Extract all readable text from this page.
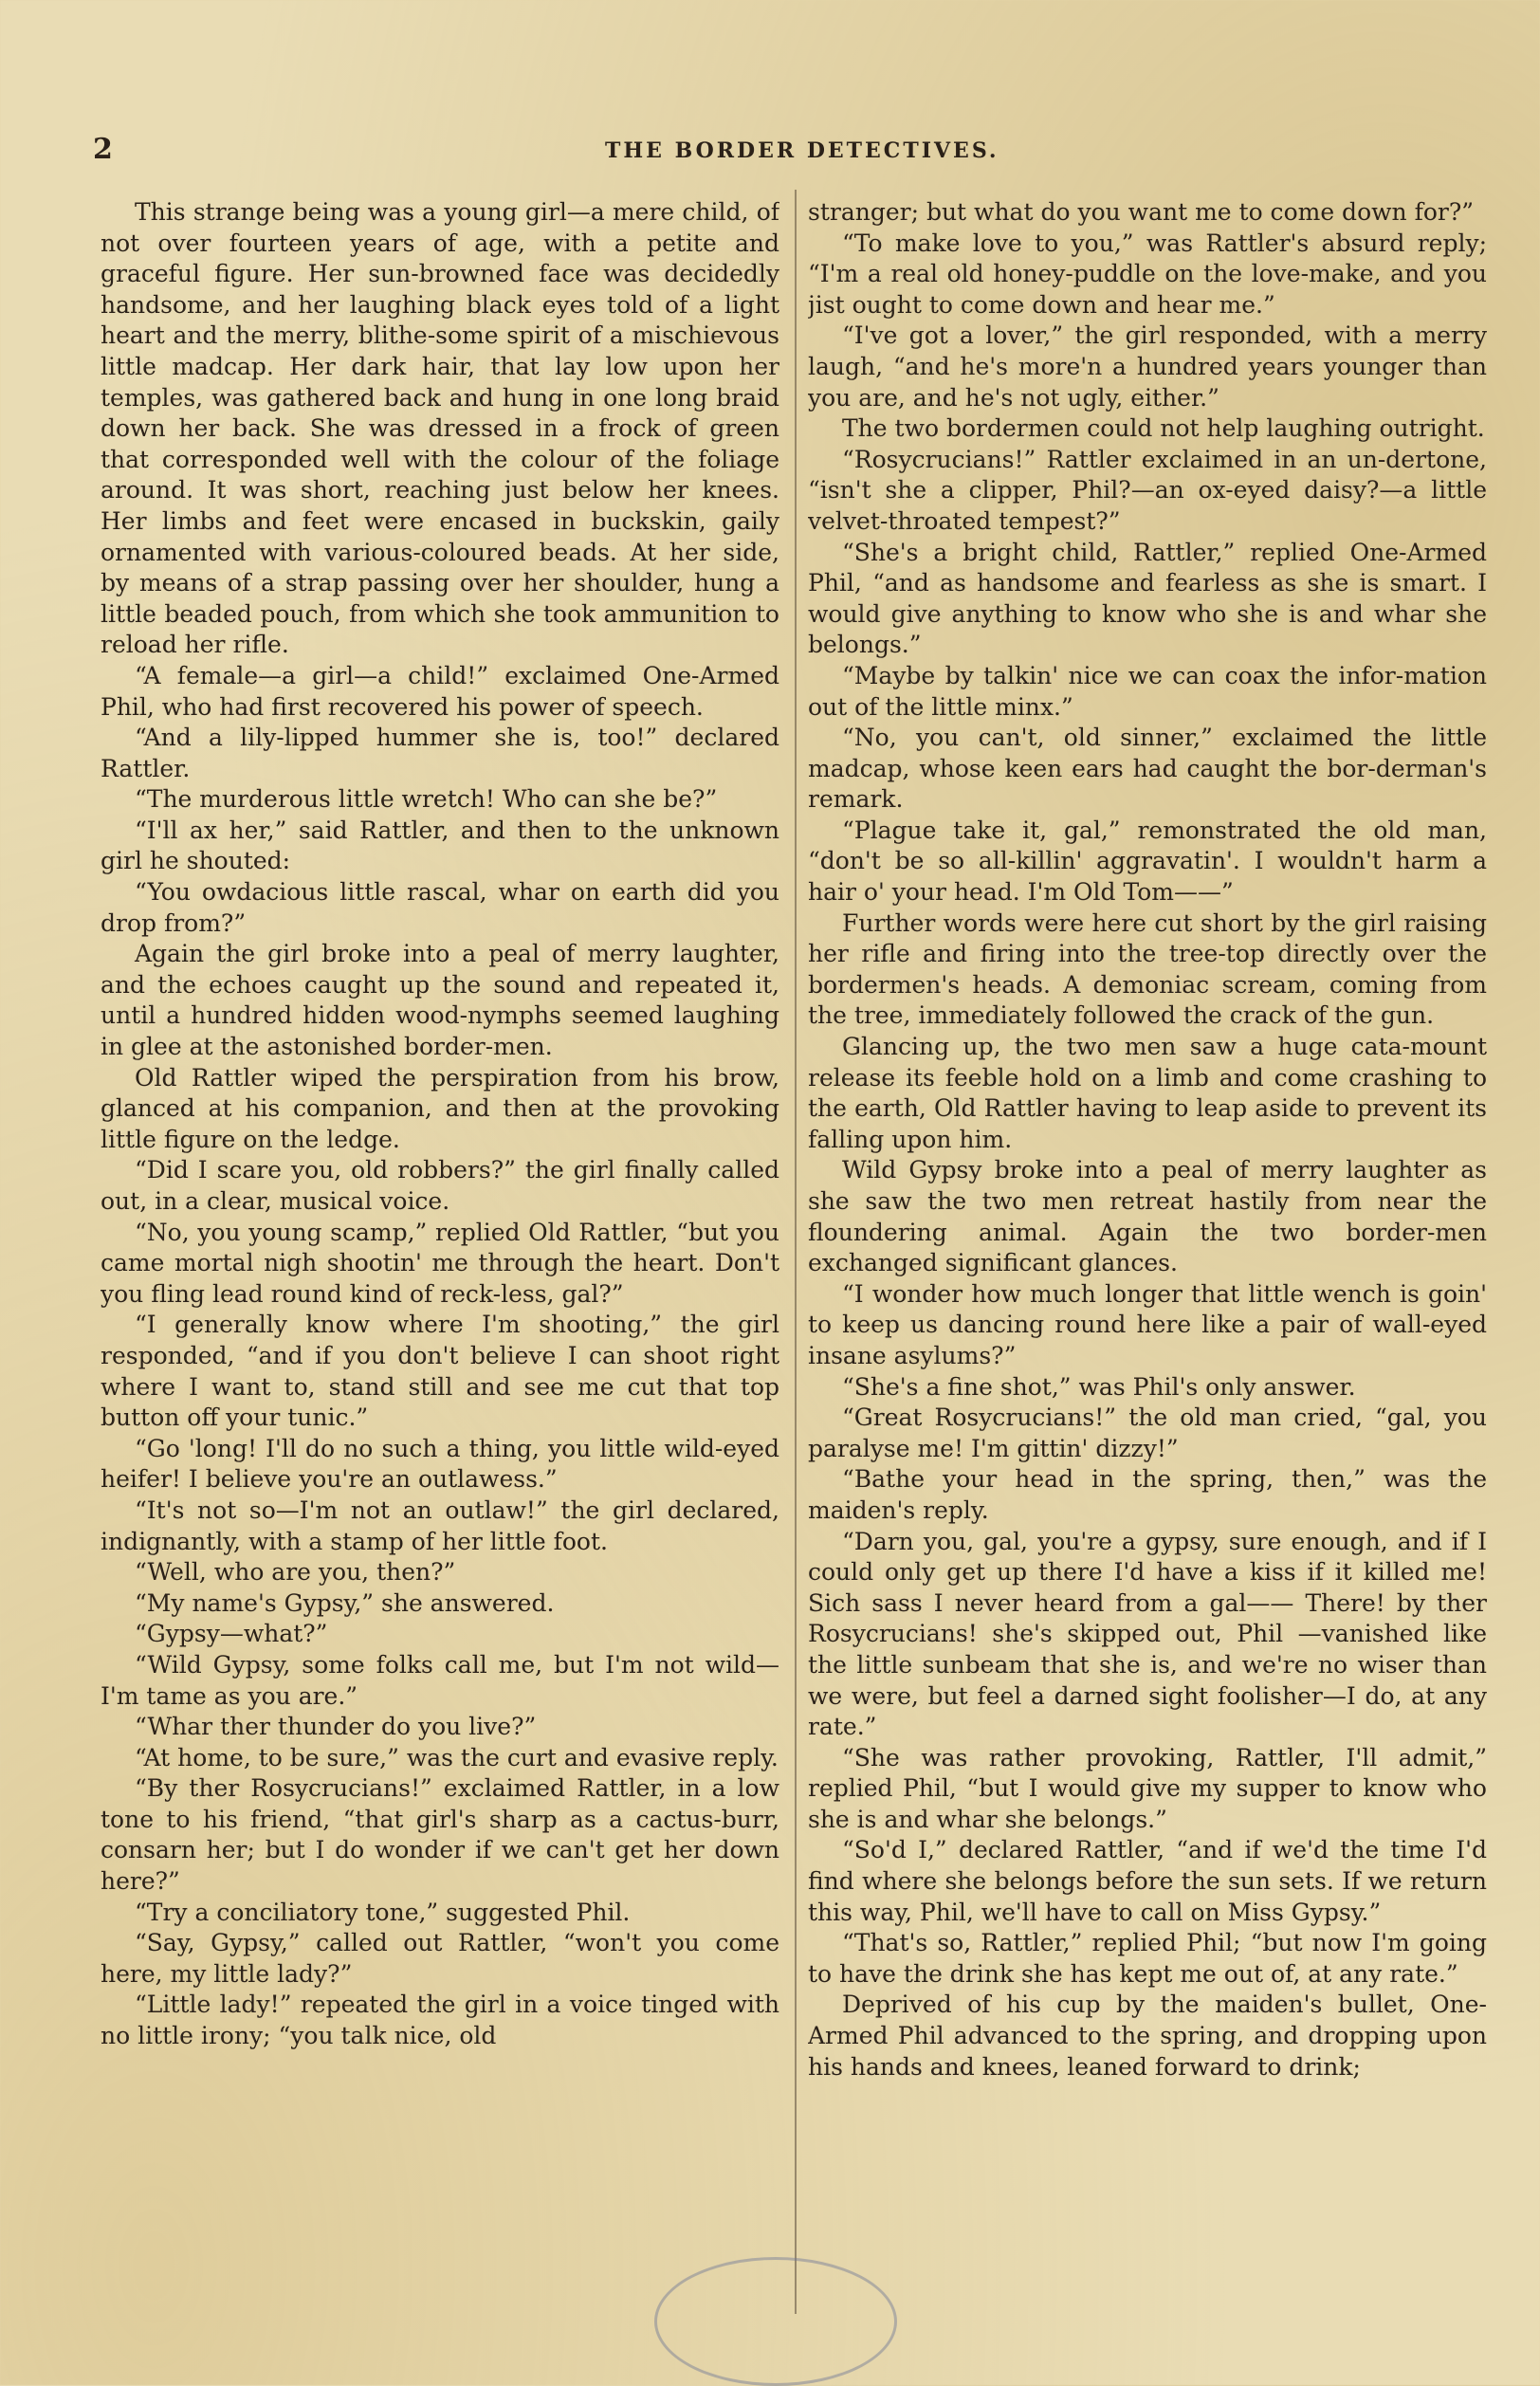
2	THE BORDER DETECTIVES.

This strange being was a young girl—a mere child, of not over fourteen years of age, with a petite and graceful figure. Her sun-browned face was decidedly handsome, and her laughing black eyes told of a light heart and the merry, blithe-some spirit of a mischievous little madcap. Her dark hair, that lay low upon her temples, was gathered back and hung in one long braid down her back. She was dressed in a frock of green that corresponded well with the colour of the foliage around. It was short, reaching just below her knees. Her limbs and feet were encased in buckskin, gaily ornamented with various-coloured beads. At her side, by means of a strap passing over her shoulder, hung a little beaded pouch, from which she took ammunition to reload her rifle.

“A female—a girl—a child!” exclaimed One-Armed Phil, who had first recovered his power of speech.

“And a lily-lipped hummer she is, too!” declared Rattler.

“The murderous little wretch! Who can she be?”

“I'll ax her,” said Rattler, and then to the unknown girl he shouted:

“You owdacious little rascal, whar on earth did you drop from?”

Again the girl broke into a peal of merry laughter, and the echoes caught up the sound and repeated it, until a hundred hidden wood-nymphs seemed laughing in glee at the astonished border-men.

Old Rattler wiped the perspiration from his brow, glanced at his companion, and then at the provoking little figure on the ledge.

“Did I scare you, old robbers?” the girl finally called out, in a clear, musical voice.

“No, you young scamp,” replied Old Rattler, “but you came mortal nigh shootin' me through the heart. Don't you fling lead round kind of reck-less, gal?”

“I generally know where I'm shooting,” the girl responded, “and if you don't believe I can shoot right where I want to, stand still and see me cut that top button off your tunic.”

“Go 'long! I'll do no such a thing, you little wild-eyed heifer! I believe you're an outlawess.”

“It's not so—I'm not an outlaw!” the girl declared, indignantly, with a stamp of her little foot.

“Well, who are you, then?”

“My name's Gypsy,” she answered.

“Gypsy—what?”

“Wild Gypsy, some folks call me, but I'm not wild—I'm tame as you are.”

“Whar ther thunder do you live?”

“At home, to be sure,” was the curt and evasive reply.

“By ther Rosycrucians!” exclaimed Rattler, in a low tone to his friend, “that girl's sharp as a cactus-burr, consarn her; but I do wonder if we can't get her down here?”

“Try a conciliatory tone,” suggested Phil.

“Say, Gypsy,” called out Rattler, “won't you come here, my little lady?”

“Little lady!” repeated the girl in a voice tinged with no little irony; “you talk nice, old

stranger; but what do you want me to come down for?”

“To make love to you,” was Rattler's absurd reply; “I'm a real old honey-puddle on the love-make, and you jist ought to come down and hear me.”

“I've got a lover,” the girl responded, with a merry laugh, “and he's more'n a hundred years younger than you are, and he's not ugly, either.”

The two bordermen could not help laughing outright.

“Rosycrucians!” Rattler exclaimed in an un-dertone, “isn't she a clipper, Phil?—an ox-eyed daisy?—a little velvet-throated tempest?”

“She's a bright child, Rattler,” replied One-Armed Phil, “and as handsome and fearless as she is smart. I would give anything to know who she is and whar she belongs.”

“Maybe by talkin' nice we can coax the infor-mation out of the little minx.”

“No, you can't, old sinner,” exclaimed the little madcap, whose keen ears had caught the bor-derman's remark.

“Plague take it, gal,” remonstrated the old man, “don't be so all-killin' aggravatin'. I wouldn't harm a hair o' your head. I'm Old Tom——”

Further words were here cut short by the girl raising her rifle and firing into the tree-top directly over the bordermen's heads. A demoniac scream, coming from the tree, immediately followed the crack of the gun.

Glancing up, the two men saw a huge cata-mount release its feeble hold on a limb and come crashing to the earth, Old Rattler having to leap aside to prevent its falling upon him.

Wild Gypsy broke into a peal of merry laughter as she saw the two men retreat hastily from near the floundering animal. Again the two border-men exchanged significant glances.

“I wonder how much longer that little wench is goin' to keep us dancing round here like a pair of wall-eyed insane asylums?”

“She's a fine shot,” was Phil's only answer.

“Great Rosycrucians!” the old man cried, “gal, you paralyse me! I'm gittin' dizzy!”

“Bathe your head in the spring, then,” was the maiden's reply.

“Darn you, gal, you're a gypsy, sure enough, and if I could only get up there I'd have a kiss if it killed me! Sich sass I never heard from a gal—— There! by ther Rosycrucians! she's skipped out, Phil —vanished like the little sunbeam that she is, and we're no wiser than we were, but feel a darned sight foolisher—I do, at any rate.”

“She was rather provoking, Rattler, I'll admit,” replied Phil, “but I would give my supper to know who she is and whar she belongs.”

“So'd I,” declared Rattler, “and if we'd the time I'd find where she belongs before the sun sets. If we return this way, Phil, we'll have to call on Miss Gypsy.”

“That's so, Rattler,” replied Phil; “but now I'm going to have the drink she has kept me out of, at any rate.”

Deprived of his cup by the maiden's bullet, One-Armed Phil advanced to the spring, and dropping upon his hands and knees, leaned forward to drink;
